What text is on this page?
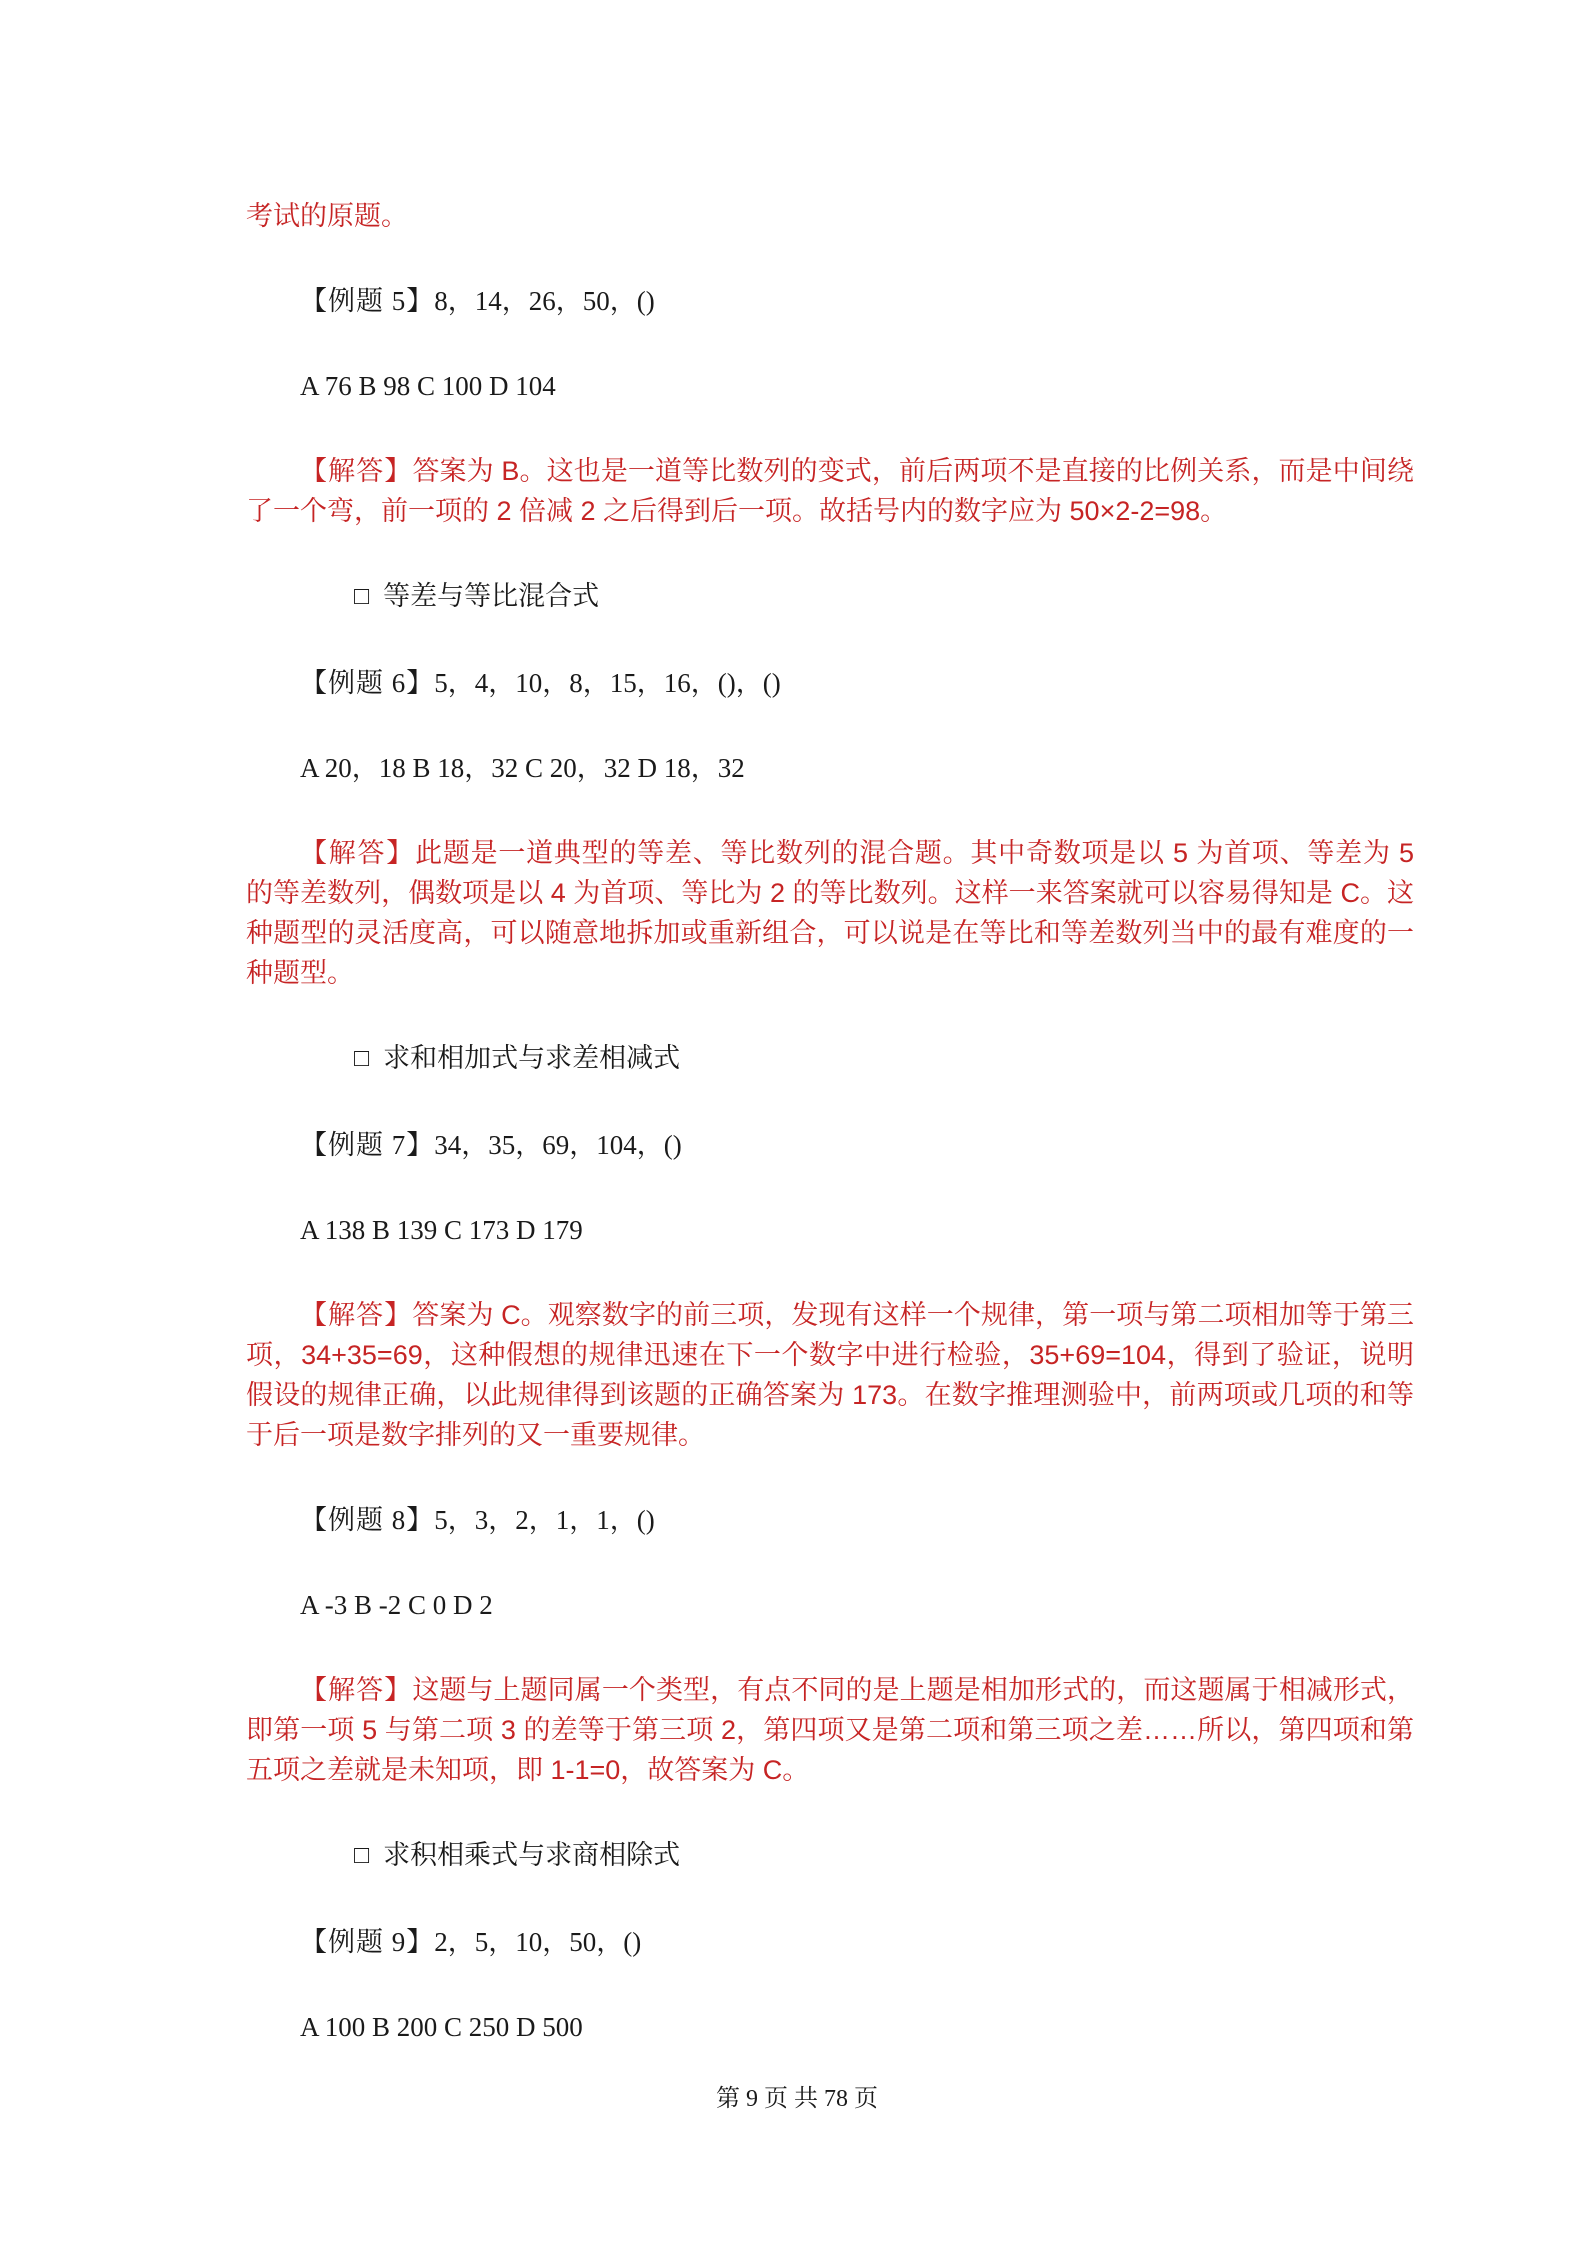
考试的原题。

【例题 5】8，14，26，50，()

A 76 B 98 C 100 D 104

【解答】答案为 B。这也是一道等比数列的变式，前后两项不是直接的比例关系，而是中间绕了一个弯，前一项的 2 倍减 2 之后得到后一项。故括号内的数字应为 50×2-2=98。

□ 等差与等比混合式

【例题 6】5，4，10，8，15，16，()，()

A 20，18 B 18，32 C 20，32 D 18，32

【解答】此题是一道典型的等差、等比数列的混合题。其中奇数项是以 5 为首项、等差为 5 的等差数列，偶数项是以 4 为首项、等比为 2 的等比数列。这样一来答案就可以容易得知是 C。这种题型的灵活度高，可以随意地拆加或重新组合，可以说是在等比和等差数列当中的最有难度的一种题型。

□ 求和相加式与求差相减式

【例题 7】34，35，69，104，()

A 138 B 139 C 173 D 179

【解答】答案为 C。观察数字的前三项，发现有这样一个规律，第一项与第二项相加等于第三项，34+35=69，这种假想的规律迅速在下一个数字中进行检验，35+69=104，得到了验证，说明假设的规律正确，以此规律得到该题的正确答案为 173。在数字推理测验中，前两项或几项的和等于后一项是数字排列的又一重要规律。

【例题 8】5，3，2，1，1，()

A -3 B -2 C 0 D 2

【解答】这题与上题同属一个类型，有点不同的是上题是相加形式的，而这题属于相减形式，即第一项 5 与第二项 3 的差等于第三项 2，第四项又是第二项和第三项之差……所以，第四项和第五项之差就是未知项，即 1-1=0，故答案为 C。

□ 求积相乘式与求商相除式

【例题 9】2，5，10，50，()

A 100 B 200 C 250 D 500

第 9 页 共 78 页
